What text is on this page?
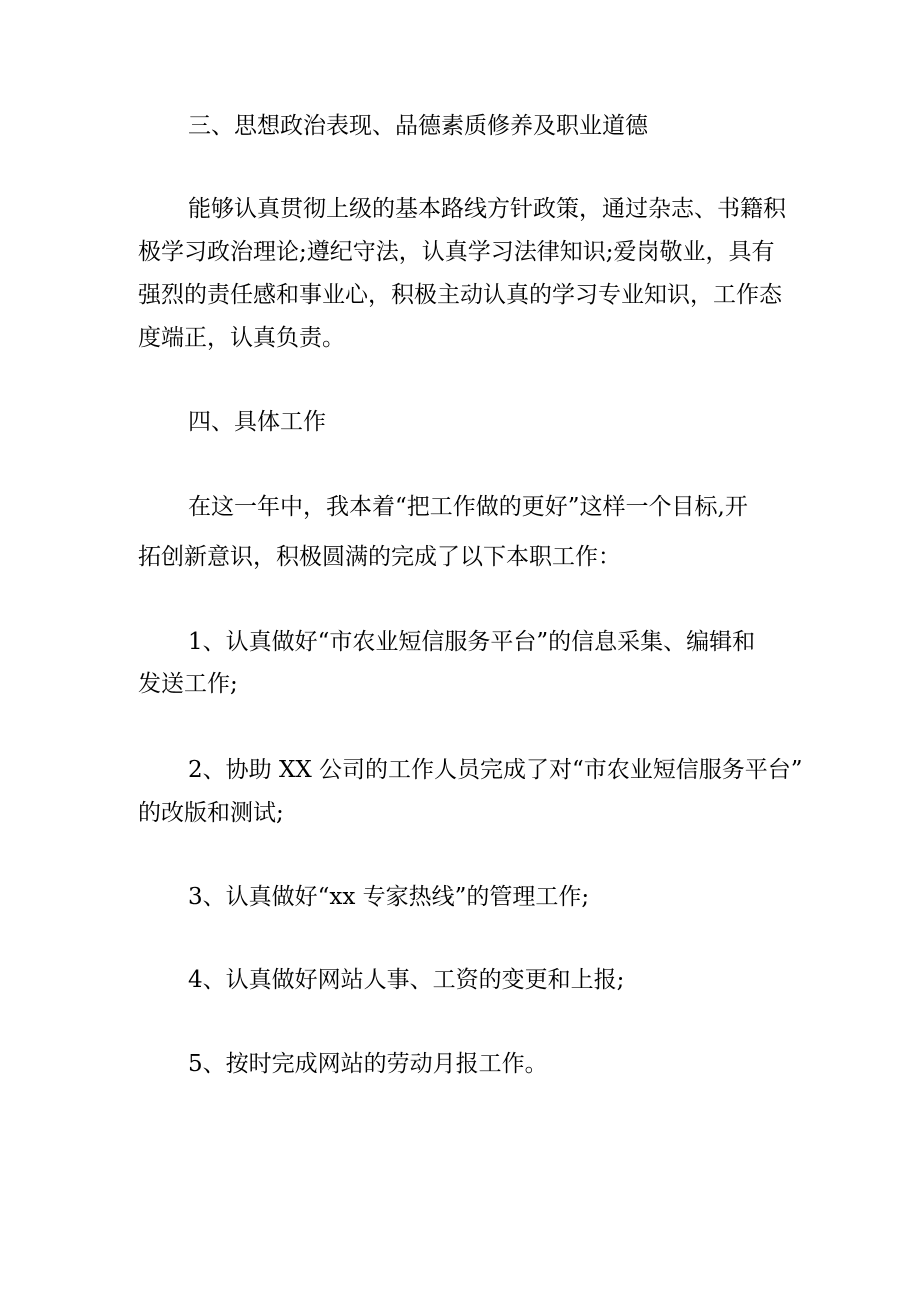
三、思想政治表现、品德素质修养及职业道德

能够认真贯彻上级的基本路线方针政策，通过杂志、书籍积

极学习政治理论;遵纪守法，认真学习法律知识;爱岗敬业，具有

强烈的责任感和事业心，积极主动认真的学习专业知识，工作态

度端正，认真负责。

四、具体工作

在这一年中，我本着“把工作做的更好”这样一个目标,开

拓创新意识，积极圆满的完成了以下本职工作：

1、认真做好“市农业短信服务平台”的信息采集、编辑和

发送工作;

2、协助 XX 公司的工作人员完成了对“市农业短信服务平台”

的改版和测试;

3、认真做好“xx 专家热线”的管理工作;

4、认真做好网站人事、工资的变更和上报;

5、按时完成网站的劳动月报工作。
